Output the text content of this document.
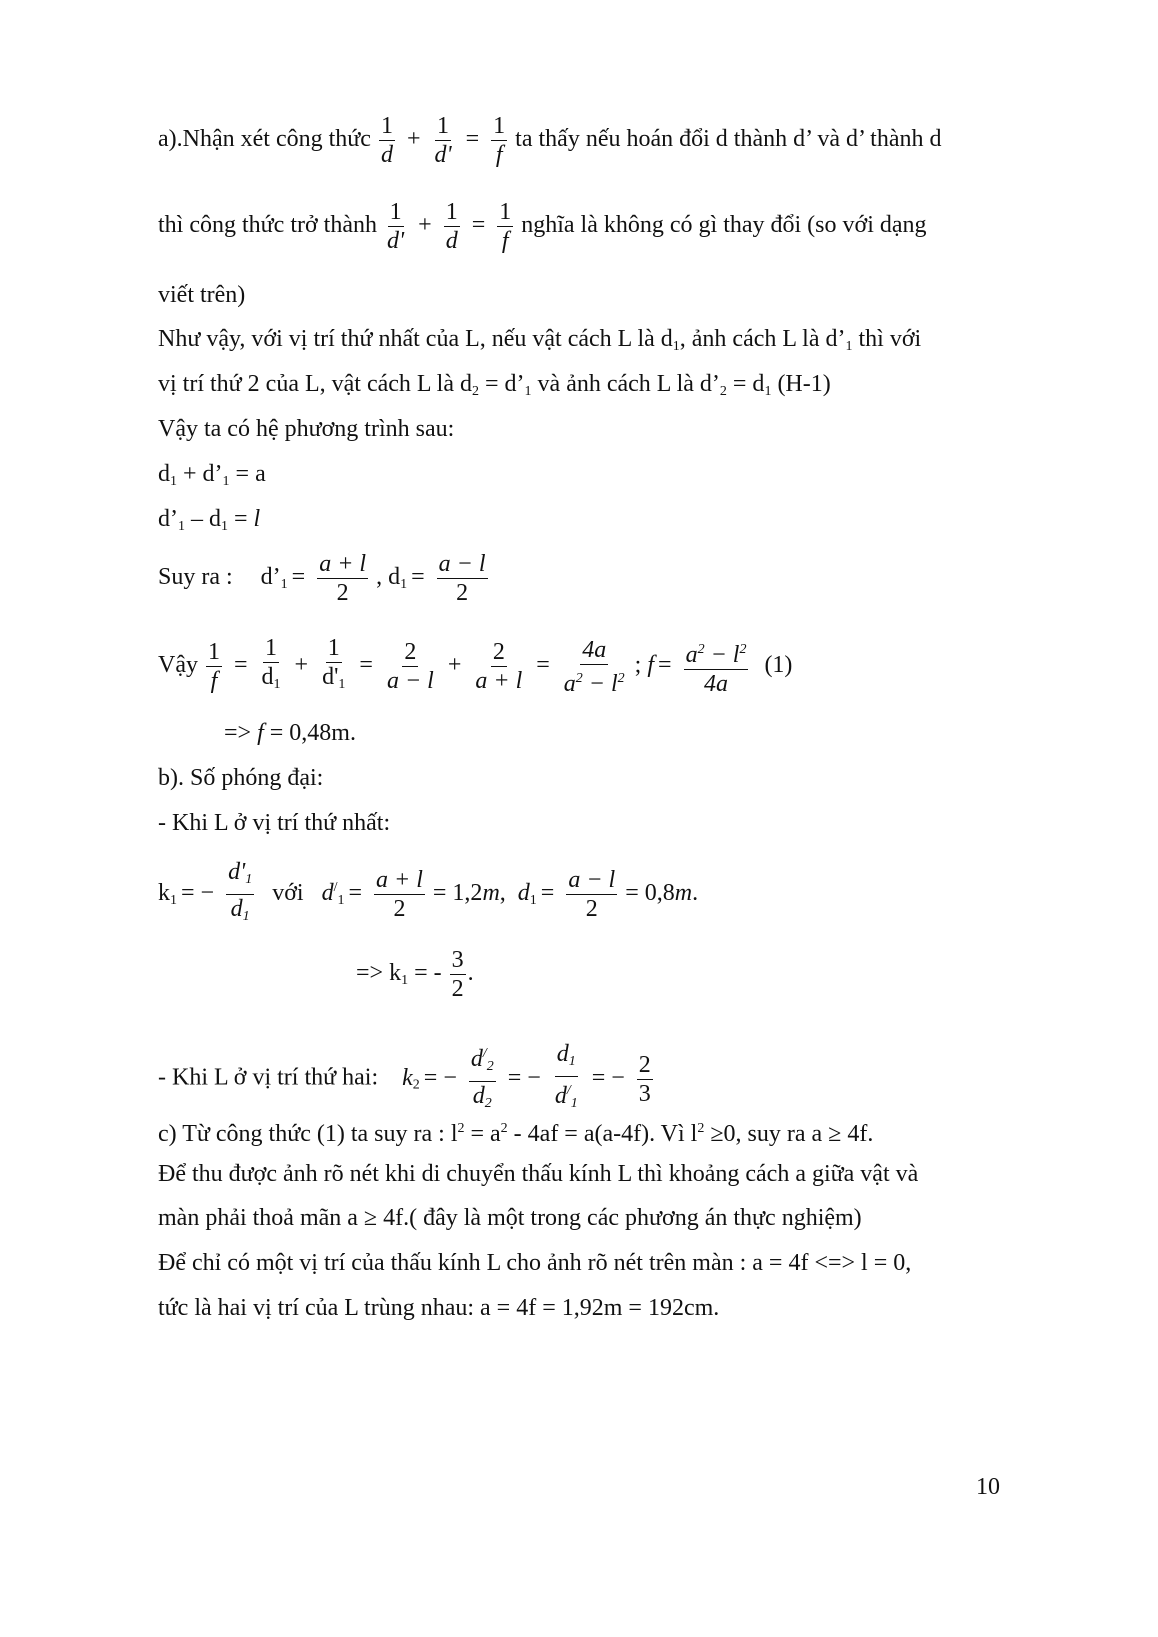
a).Nhận xét công thức $\frac{1}{d} + \frac{1}{d'} = \frac{1}{f}$ ta thấy nếu hoán đổi d thành d’ và d’ thành d
thì công thức trở thành $\frac{1}{d'} + \frac{1}{d} = \frac{1}{f}$ nghĩa là không có gì thay đổi (so với dạng
viết trên)
Như vậy, với vị trí thứ nhất của L, nếu vật cách L là $d_1$, ảnh cách L là $d’_1$ thì với
vị trí thứ 2 của L, vật cách L là $d_2$ = $d’_1$ và ảnh cách L là $d’_2 = d_1$ (H-1)
Vậy ta có hệ phương trình sau:
$d_1$ + $d’_1 = a$
$d’_1 - d_1 = l$
Suy ra : $d’_1 = \frac{a + l}{2}$ , $d_1 = \frac{a - l}{2}$
Vậy $\frac{1}{f} = \frac{1}{d_1} + \frac{1}{d'_1} = \frac{2}{a - l} + \frac{2}{a + l} = \frac{4a}{a^2 - l^2}$ ; $f = \frac{a^2 - l^2}{4a} (1)$
=> f = 0,48m.
b). Số phóng đại:
- Khi L ở vị trí thứ nhất:
$k_1$ = − $\frac{d'_1}{d_1}$ với $d^/_1 = \frac{a + l}{2} = 1,2m$,  $d_1 = \frac{a - l}{2} = 0,8m$.
=> $k_1$ = - $\frac{3}{2}$ .
- Khi L ở vị trí thứ hai: $k_2$ = − $\frac{d^/_2}{d_2}$ = − $\frac{d_1}{d^/_1}$ = − $\frac{2}{3}$
c) Từ công thức (1) ta suy ra : $l^2 = a^2 - 4af = a(a-4f)$. Vì $l^2 \ge 0$, suy ra a ≥ 4f.
Để thu được ảnh rõ nét khi di chuyển thấu kính L thì khoảng cách a giữa vật và
màn phải thoả mãn a ≥ 4f.( đây là một trong các phương án thực nghiệm)
Để chỉ có một vị trí của thấu kính L cho ảnh rõ nét trên màn : a = 4f <=> l = 0,
tức là hai vị trí của L trùng nhau: a = 4f = 1,92m = 192cm.
10
